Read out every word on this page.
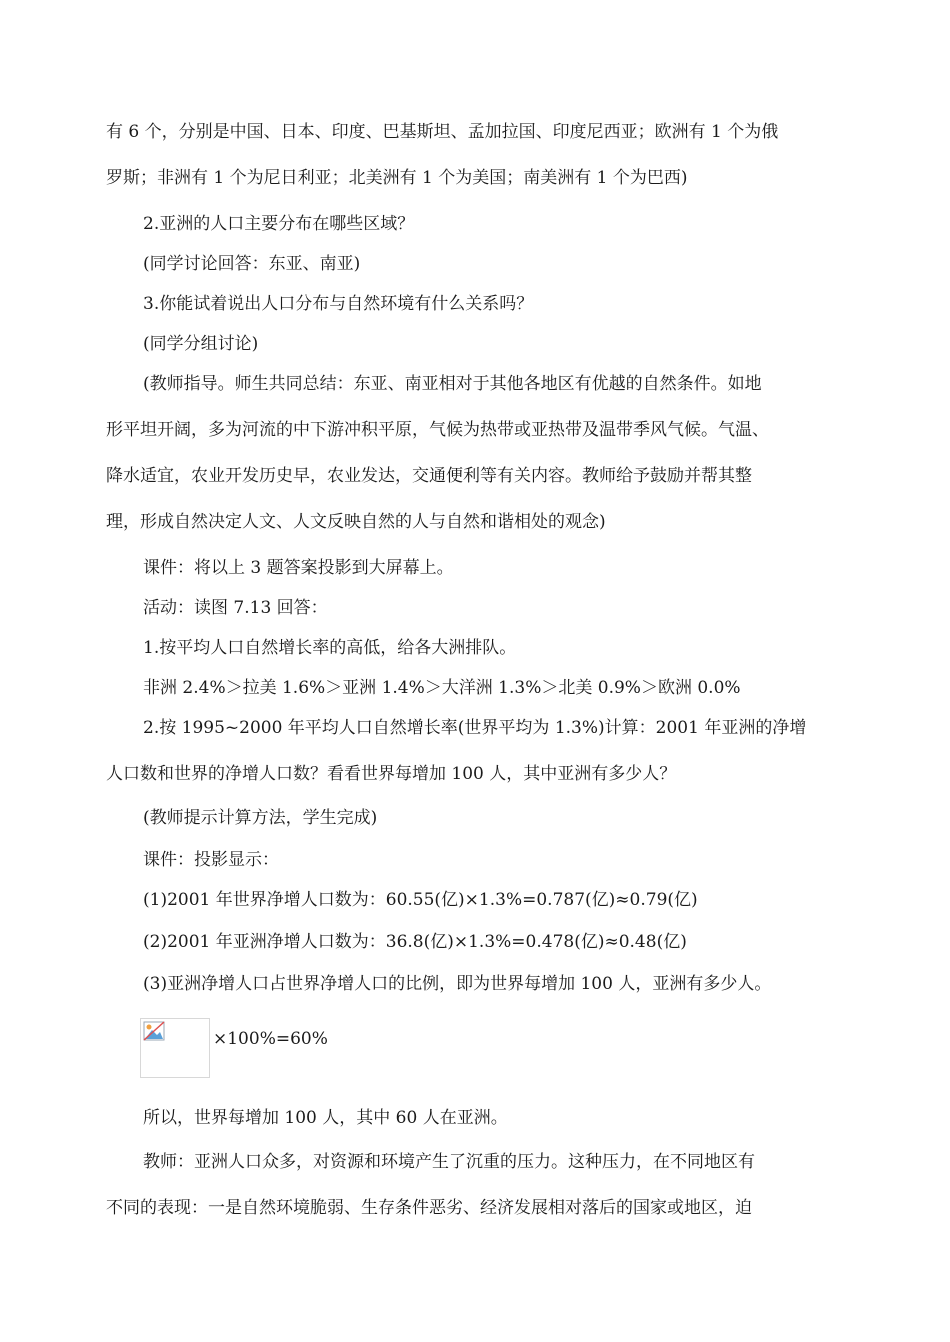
有 6 个，分别是中国、日本、印度、巴基斯坦、孟加拉国、印度尼西亚；欧洲有 1 个为俄
罗斯；非洲有 1 个为尼日利亚；北美洲有 1 个为美国；南美洲有 1 个为巴西)
2.亚洲的人口主要分布在哪些区域？
(同学讨论回答：东亚、南亚)
3.你能试着说出人口分布与自然环境有什么关系吗？
(同学分组讨论)
(教师指导。师生共同总结：东亚、南亚相对于其他各地区有优越的自然条件。如地
形平坦开阔，多为河流的中下游冲积平原，气候为热带或亚热带及温带季风气候。气温、
降水适宜，农业开发历史早，农业发达，交通便利等有关内容。教师给予鼓励并帮其整
理，形成自然决定人文、人文反映自然的人与自然和谐相处的观念)
课件：将以上 3 题答案投影到大屏幕上。
活动：读图 7.13 回答：
1.按平均人口自然增长率的高低，给各大洲排队。
非洲 2.4%＞拉美 1.6%＞亚洲 1.4%＞大洋洲 1.3%＞北美 0.9%＞欧洲 0.0%
2.按 1995~2000 年平均人口自然增长率(世界平均为 1.3%)计算：2001 年亚洲的净增
人口数和世界的净增人口数？看看世界每增加 100 人，其中亚洲有多少人？
(教师提示计算方法，学生完成)
课件：投影显示：
(1)2001 年世界净增人口数为：60.55(亿)×1.3%=0.787(亿)≈0.79(亿)
(2)2001 年亚洲净增人口数为：36.8(亿)×1.3%=0.478(亿)≈0.48(亿)
(3)亚洲净增人口占世界净增人口的比例，即为世界每增加 100 人，亚洲有多少人。
×100%=60%
所以，世界每增加 100 人，其中 60 人在亚洲。
教师：亚洲人口众多，对资源和环境产生了沉重的压力。这种压力，在不同地区有
不同的表现：一是自然环境脆弱、生存条件恶劣、经济发展相对落后的国家或地区，迫
